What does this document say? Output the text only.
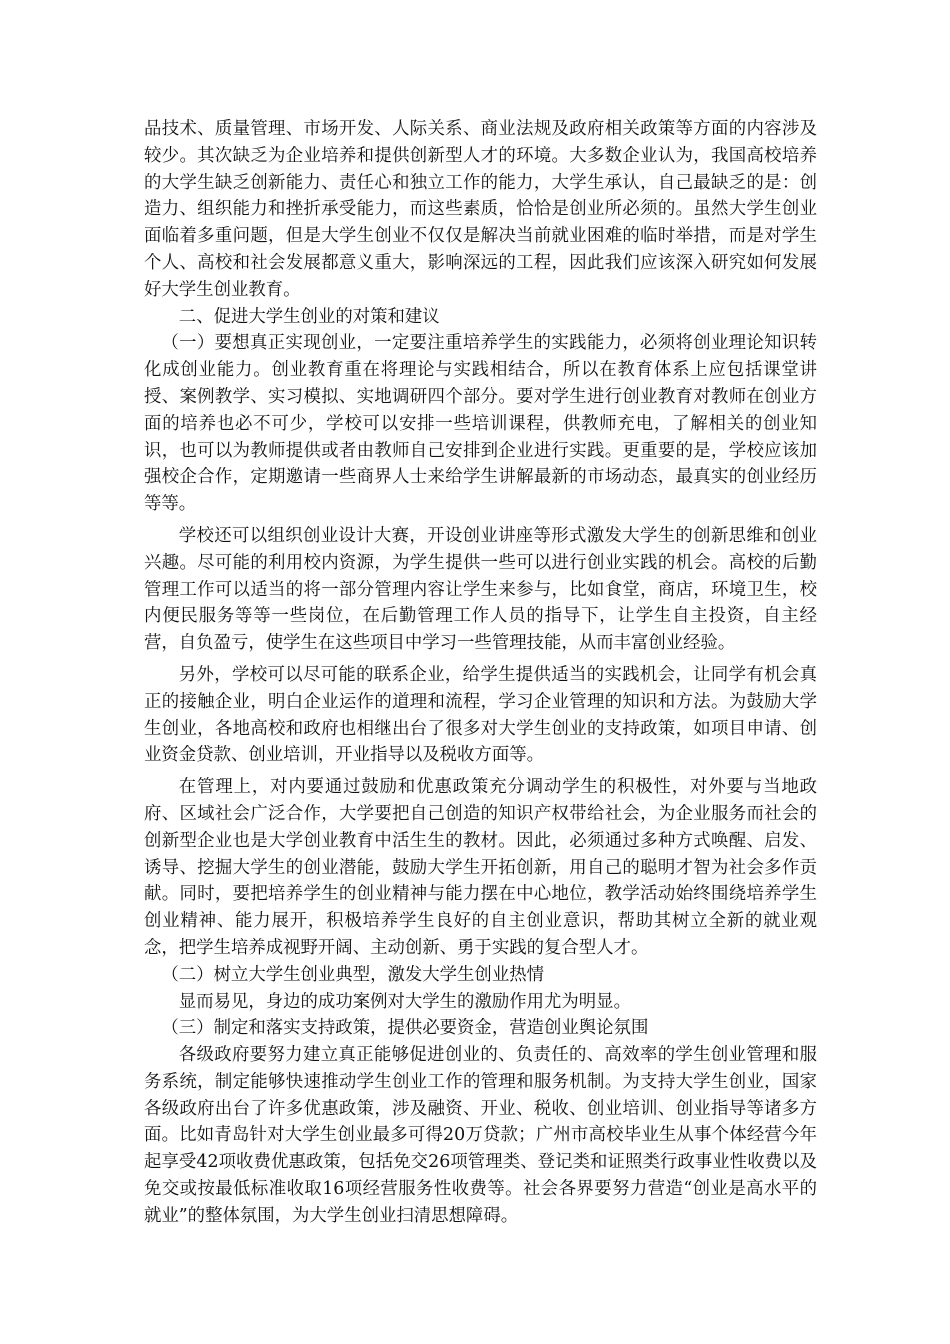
品技术、质量管理、市场开发、人际关系、商业法规及政府相关政策等方面的内容涉及较少。其次缺乏为企业培养和提供创新型人才的环境。大多数企业认为，我国高校培养的大学生缺乏创新能力、责任心和独立工作的能力，大学生承认，自己最缺乏的是：创造力、组织能力和挫折承受能力，而这些素质，恰恰是创业所必须的。虽然大学生创业面临着多重问题，但是大学生创业不仅仅是解决当前就业困难的临时举措，而是对学生个人、高校和社会发展都意义重大，影响深远的工程，因此我们应该深入研究如何发展好大学生创业教育。

二、促进大学生创业的对策和建议

（一）要想真正实现创业，一定要注重培养学生的实践能力，必须将创业理论知识转化成创业能力。创业教育重在将理论与实践相结合，所以在教育体系上应包括课堂讲授、案例教学、实习模拟、实地调研四个部分。要对学生进行创业教育对教师在创业方面的培养也必不可少，学校可以安排一些培训课程，供教师充电，了解相关的创业知识，也可以为教师提供或者由教师自己安排到企业进行实践。更重要的是，学校应该加强校企合作，定期邀请一些商界人士来给学生讲解最新的市场动态，最真实的创业经历等等。

学校还可以组织创业设计大赛，开设创业讲座等形式激发大学生的创新思维和创业兴趣。尽可能的利用校内资源，为学生提供一些可以进行创业实践的机会。高校的后勤管理工作可以适当的将一部分管理内容让学生来参与，比如食堂，商店，环境卫生，校内便民服务等等一些岗位，在后勤管理工作人员的指导下，让学生自主投资，自主经营，自负盈亏，使学生在这些项目中学习一些管理技能，从而丰富创业经验。

另外，学校可以尽可能的联系企业，给学生提供适当的实践机会，让同学有机会真正的接触企业，明白企业运作的道理和流程，学习企业管理的知识和方法。为鼓励大学生创业，各地高校和政府也相继出台了很多对大学生创业的支持政策，如项目申请、创业资金贷款、创业培训，开业指导以及税收方面等。

在管理上，对内要通过鼓励和优惠政策充分调动学生的积极性，对外要与当地政府、区域社会广泛合作，大学要把自己创造的知识产权带给社会，为企业服务而社会的创新型企业也是大学创业教育中活生生的教材。因此，必须通过多种方式唤醒、启发、诱导、挖掘大学生的创业潜能，鼓励大学生开拓创新，用自己的聪明才智为社会多作贡献。同时，要把培养学生的创业精神与能力摆在中心地位，教学活动始终围绕培养学生创业精神、能力展开，积极培养学生良好的自主创业意识，帮助其树立全新的就业观念，把学生培养成视野开阔、主动创新、勇于实践的复合型人才。

（二）树立大学生创业典型，激发大学生创业热情

显而易见，身边的成功案例对大学生的激励作用尤为明显。

（三）制定和落实支持政策，提供必要资金，营造创业舆论氛围

各级政府要努力建立真正能够促进创业的、负责任的、高效率的学生创业管理和服务系统，制定能够快速推动学生创业工作的管理和服务机制。为支持大学生创业，国家各级政府出台了许多优惠政策，涉及融资、开业、税收、创业培训、创业指导等诸多方面。比如青岛针对大学生创业最多可得20万贷款；广州市高校毕业生从事个体经营今年起享受42项收费优惠政策，包括免交26项管理类、登记类和证照类行政事业性收费以及免交或按最低标准收取16项经营服务性收费等。社会各界要努力营造“创业是高水平的就业”的整体氛围，为大学生创业扫清思想障碍。
